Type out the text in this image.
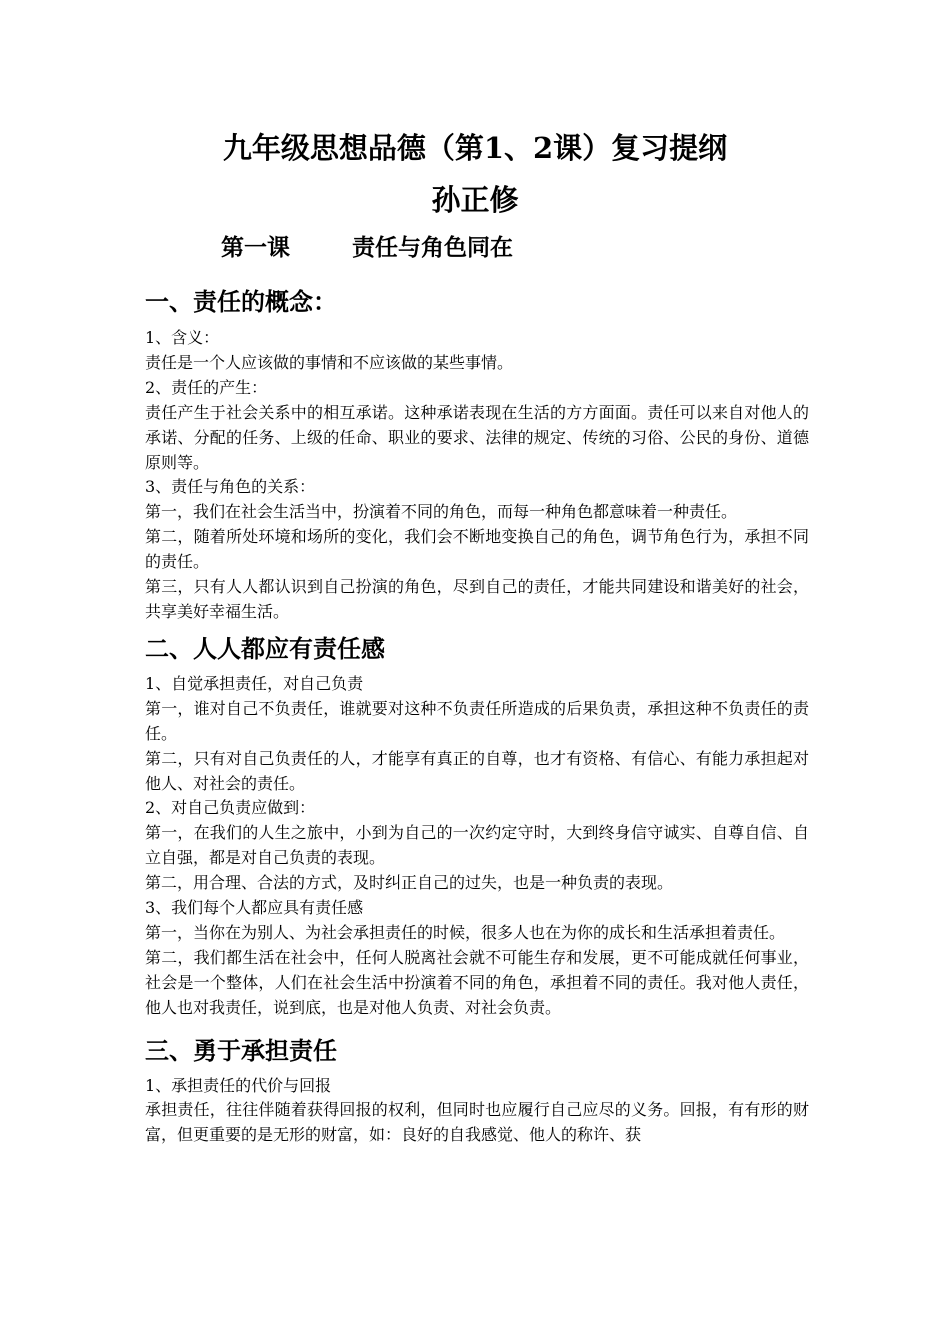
九年级思想品德（第1、2课）复习提纲
孙正修
第一课	责任与角色同在
一、责任的概念：

1、含义：

责任是一个人应该做的事情和不应该做的某些事情。

2、责任的产生：

责任产生于社会关系中的相互承诺。这种承诺表现在生活的方方面面。责任可以来自对他人的承诺、分配的任务、上级的任命、职业的要求、法律的规定、传统的习俗、公民的身份、道德原则等。

3、责任与角色的关系：

第一，我们在社会生活当中，扮演着不同的角色，而每一种角色都意味着一种责任。

第二，随着所处环境和场所的变化，我们会不断地变换自己的角色，调节角色行为，承担不同的责任。

第三，只有人人都认识到自己扮演的角色，尽到自己的责任，才能共同建设和谐美好的社会，共享美好幸福生活。

二、人人都应有责任感

1、自觉承担责任，对自己负责

第一，谁对自己不负责任，谁就要对这种不负责任所造成的后果负责，承担这种不负责任的责任。

第二，只有对自己负责任的人，才能享有真正的自尊，也才有资格、有信心、有能力承担起对他人、对社会的责任。

2、对自己负责应做到：

第一，在我们的人生之旅中，小到为自己的一次约定守时，大到终身信守诚实、自尊自信、自立自强，都是对自己负责的表现。

第二，用合理、合法的方式，及时纠正自己的过失，也是一种负责的表现。

3、我们每个人都应具有责任感

第一，当你在为别人、为社会承担责任的时候，很多人也在为你的成长和生活承担着责任。

第二，我们都生活在社会中，任何人脱离社会就不可能生存和发展，更不可能成就任何事业，社会是一个整体，人们在社会生活中扮演着不同的角色，承担着不同的责任。我对他人责任，他人也对我责任，说到底，也是对他人负责、对社会负责。

三、勇于承担责任

1、承担责任的代价与回报

承担责任，往往伴随着获得回报的权利，但同时也应履行自己应尽的义务。回报，有有形的财富，但更重要的是无形的财富，如：良好的自我感觉、他人的称许、获
